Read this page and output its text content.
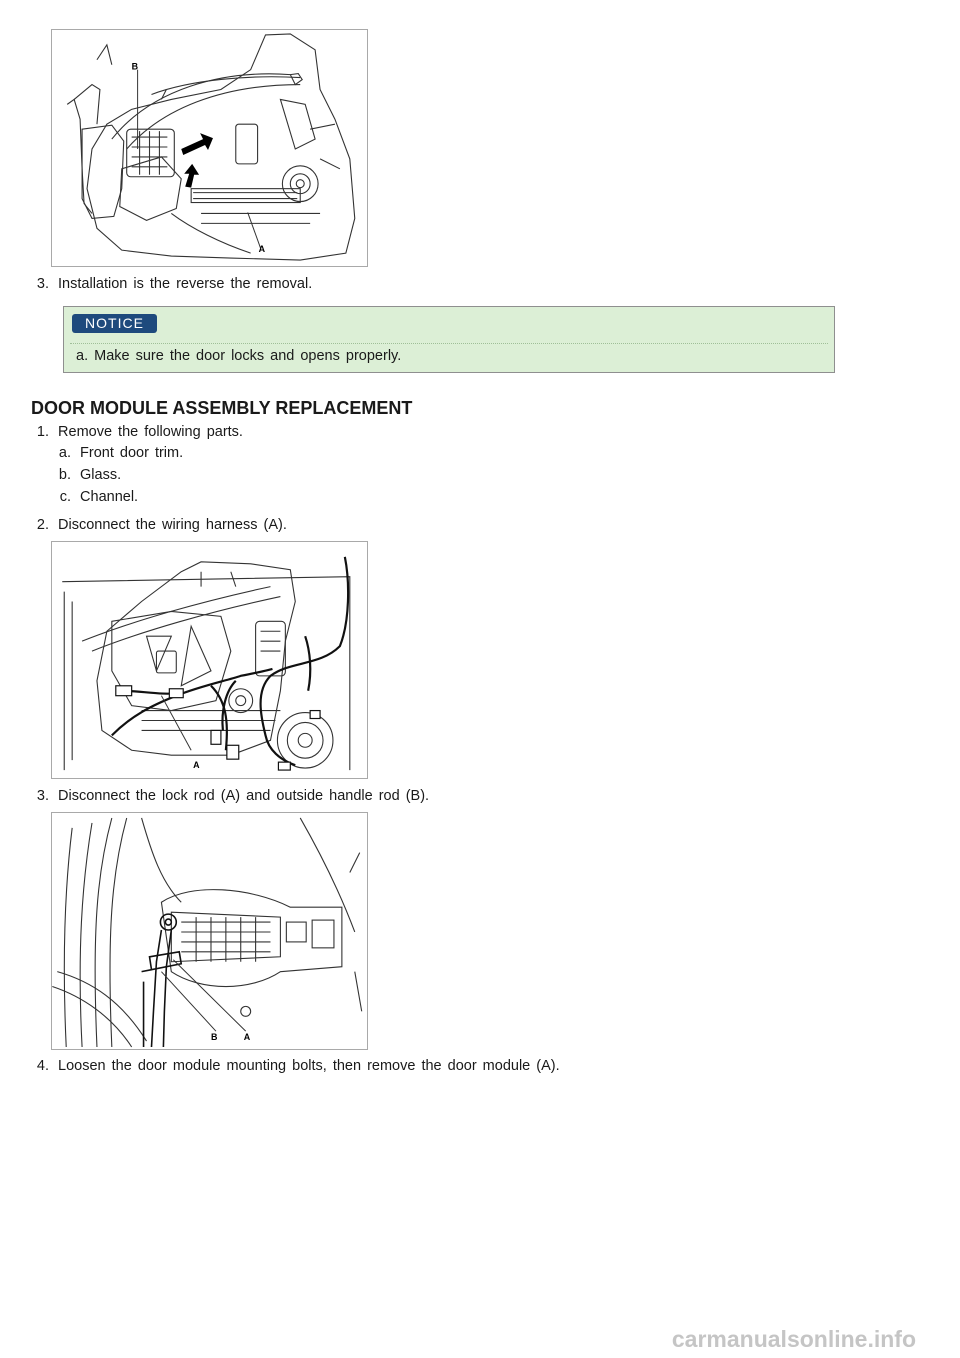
B
A
3. Installation is the reverse the removal.
NOTICE
a. Make sure the door locks and opens properly.
DOOR MODULE ASSEMBLY REPLACEMENT
1. Remove the following parts.
a. Front door trim.
b. Glass.
c. Channel.
2. Disconnect the wiring harness (A).
A
3. Disconnect the lock rod (A) and outside handle rod (B).
B	A
4. Loosen the door module mounting bolts, then remove the door module (A).
carmanualsonline.info
